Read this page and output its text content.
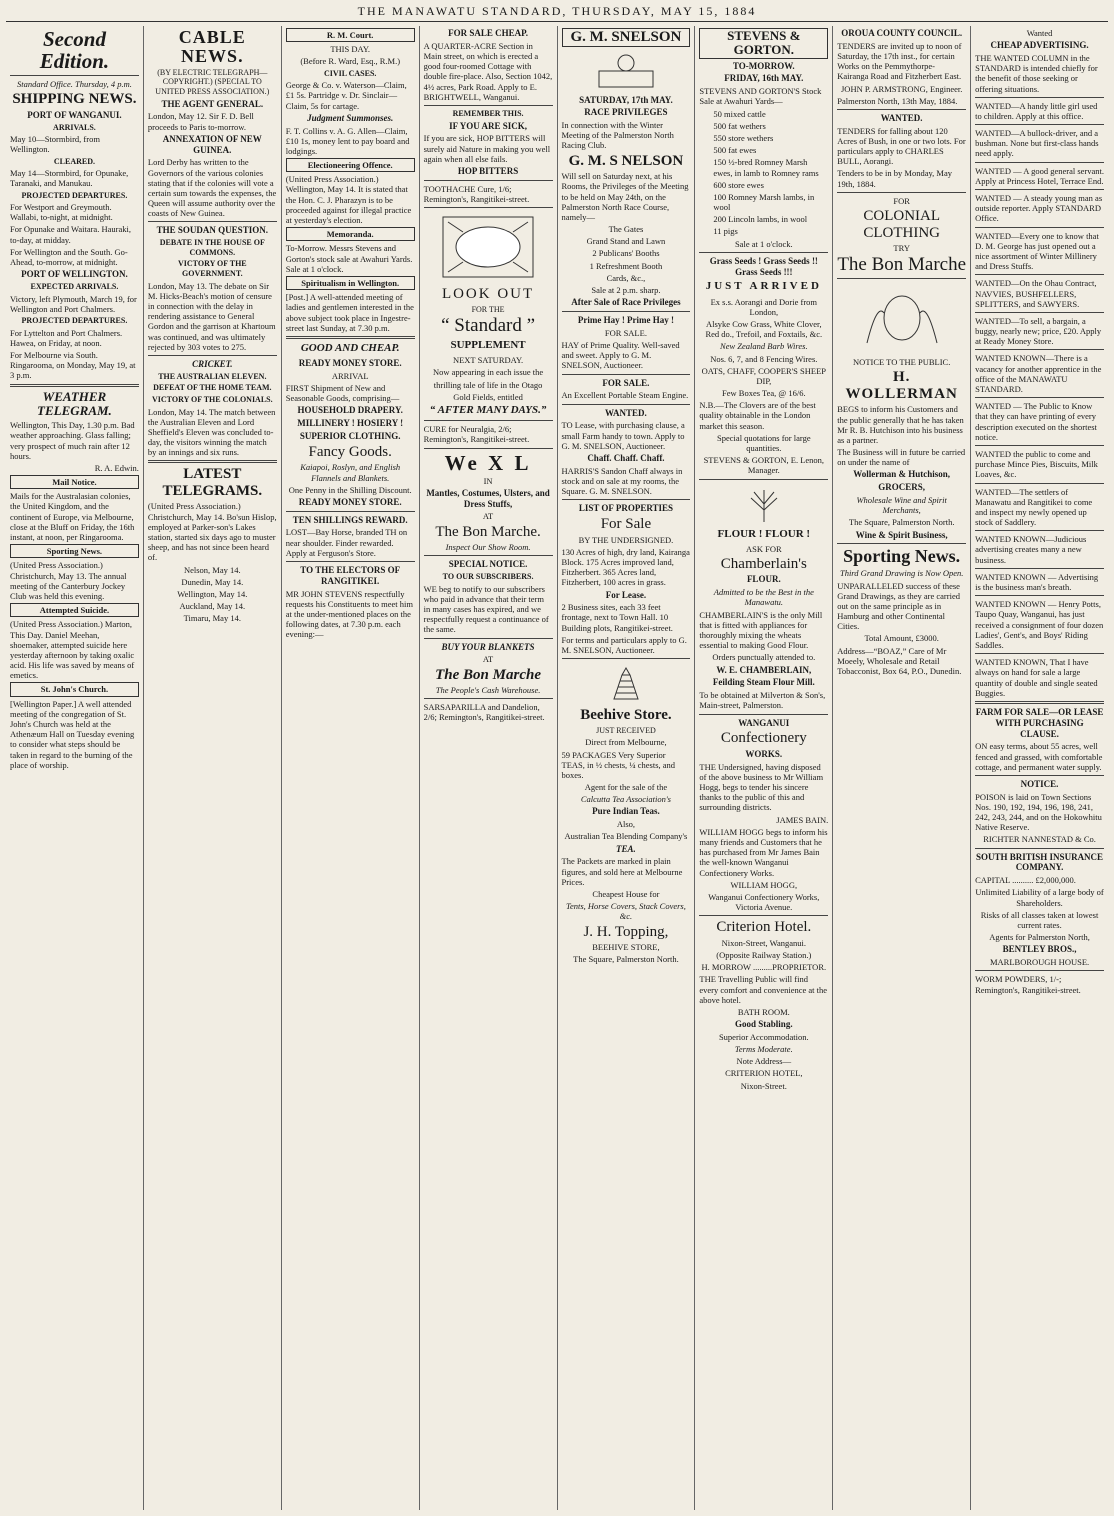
THE MANAWATU STANDARD, THURSDAY, MAY 15, 1884
Second Edition.

Standard Office. Thursday, 4 p.m.

SHIPPING NEWS.
PORT OF WANGANUI.
ARRIVALS.

May 10—Stormbird, from Wellington.

CLEARED.

May 14—Stormbird, for Opunake, Taranaki, and Manukau.

PROJECTED DEPARTURES.

For Westport and Greymouth. Wallabi, to-night, at midnight.

For Opunake and Waitara. Hauraki, to-day, at midday.

For Wellington and the South. Go-Ahead, to-morrow, at midnight.

PORT OF WELLINGTON.
EXPECTED ARRIVALS.

Victory, left Plymouth, March 19, for Wellington and Port Chalmers.

PROJECTED DEPARTURES.

For Lyttelton and Port Chalmers. Hawea, on Friday, at noon.

For Melbourne via South. Ringarooma, on Monday, May 19, at 3 p.m.

WEATHER TELEGRAM.

Wellington, This Day, 1.30 p.m. Bad weather approaching. Glass falling; very prospect of much rain after 12 hours.

R. A. Edwin.

Mail Notice.

Mails for the Australasian colonies, the United Kingdom, and the continent of Europe, via Melbourne, close at the Bluff on Friday, the 16th instant, at noon, per Ringarooma.

Sporting News.

(United Press Association.) Christchurch, May 13. The annual meeting of the Canterbury Jockey Club was held this evening.

Attempted Suicide.

(United Press Association.) Marton, This Day. Daniel Meehan, shoemaker, attempted suicide here yesterday afternoon by taking oxalic acid. His life was saved by means of emetics.

St. John's Church.

[Wellington Paper.] A well attended meeting of the congregation of St. John's Church was held at the Athenæum Hall on Tuesday evening to consider what steps should be taken in regard to the burning of the place of worship.

CABLE NEWS.

(BY ELECTRIC TELEGRAPH—COPYRIGHT.) (SPECIAL TO UNITED PRESS ASSOCIATION.)

THE AGENT GENERAL.

London, May 12. Sir F. D. Bell proceeds to Paris to-morrow.

ANNEXATION OF NEW GUINEA.

Lord Derby has written to the Governors of the various colonies stating that if the colonies will vote a certain sum towards the expenses, the Queen will assume authority over the coasts of New Guinea.

THE SOUDAN QUESTION.
DEBATE IN THE HOUSE OF COMMONS.
VICTORY OF THE GOVERNMENT.

London, May 13. The debate on Sir M. Hicks-Beach's motion of censure in connection with the delay in rendering assistance to General Gordon and the garrison at Khartoum was continued, and was ultimately rejected by 303 votes to 275.

CRICKET.
THE AUSTRALIAN ELEVEN.
DEFEAT OF THE HOME TEAM.
VICTORY OF THE COLONIALS.

London, May 14. The match between the Australian Eleven and Lord Sheffield's Eleven was concluded to-day, the visitors winning the match by an innings and six runs.

LATEST TELEGRAMS.

(United Press Association.) Christchurch, May 14. Bo'sun Hislop, employed at Parker-son's Lakes station, started six days ago to muster sheep, and has not since been heard of.

Nelson, May 14.

Dunedin, May 14.

Wellington, May 14.

Auckland, May 14.

Timaru, May 14.

R. M. Court.

THIS DAY.

(Before R. Ward, Esq., R.M.)

CIVIL CASES.

George & Co. v. Waterson—Claim, £1 5s. Partridge v. Dr. Sinclair—Claim, 5s for cartage.

Judgment Summonses.

F. T. Collins v. A. G. Allen—Claim, £10 1s, money lent to pay board and lodgings.

Electioneering Offence.

(United Press Association.) Wellington, May 14. It is stated that the Hon. C. J. Pharazyn is to be proceeded against for illegal practice at yesterday's election.

Memoranda.

To-Morrow. Messrs Stevens and Gorton's stock sale at Awahuri Yards. Sale at 1 o'clock.

Spiritualism in Wellington.

[Post.] A well-attended meeting of ladies and gentlemen interested in the above subject took place in Ingestre-street last Sunday, at 7.30 p.m.

GOOD AND CHEAP.
READY MONEY STORE.

ARRIVAL

FIRST Shipment of New and Seasonable Goods, comprising—

HOUSEHOLD DRAPERY.
MILLINERY ! HOSIERY !
SUPERIOR CLOTHING.
Fancy Goods.

Kaiapoi, Roslyn, and English Flannels and Blankets.

One Penny in the Shilling Discount.

READY MONEY STORE.
TEN SHILLINGS REWARD.

LOST—Bay Horse, branded TH on near shoulder. Finder rewarded. Apply at Ferguson's Store.

TO THE ELECTORS OF RANGITIKEI.

MR JOHN STEVENS respectfully requests his Constituents to meet him at the under-mentioned places on the following dates, at 7.30 p.m. each evening:—

FOR SALE CHEAP.

A QUARTER-ACRE Section in Main street, on which is erected a good four-roomed Cottage with double fire-place. Also, Section 1042, 4½ acres, Park Road. Apply to E. BRIGHTWELL, Wanganui.

REMEMBER THIS.
IF YOU ARE SICK,

If you are sick, HOP BITTERS will surely aid Nature in making you well again when all else fails.

HOP BITTERS

TOOTHACHE Cure, 1/6; Remington's, Rangitikei-street.

LOOK OUT

FOR THE

“ Standard ”
SUPPLEMENT

NEXT SATURDAY.

Now appearing in each issue the

thrilling tale of life in the Otago

Gold Fields, entitled

“ AFTER MANY DAYS.”

CURE for Neuralgia, 2/6; Remington's, Rangitikei-street.

We X L

IN

Mantles, Costumes, Ulsters, and Dress Stuffs,

AT

The Bon Marche.

Inspect Our Show Room.

SPECIAL NOTICE.
TO OUR SUBSCRIBERS.

WE beg to notify to our subscribers who paid in advance that their term in many cases has expired, and we respectfully request a continuance of the same.

BUY YOUR BLANKETS

AT

The Bon Marche

The People's Cash Warehouse.

SARSAPARILLA and Dandelion, 2/6; Remington's, Rangitikei-street.

G. M. SNELSON
SATURDAY, 17th MAY.
RACE PRIVILEGES

In connection with the Winter Meeting of the Palmerston North Racing Club.

G. M. S NELSON

Will sell on Saturday next, at his Rooms, the Privileges of the Meeting to be held on May 24th, on the Palmerston North Race Course, namely—

The Gates

Grand Stand and Lawn

2 Publicans' Booths

1 Refreshment Booth

Cards, &c.,

Sale at 2 p.m. sharp.

After Sale of Race Privileges
Prime Hay ! Prime Hay !

FOR SALE.

HAY of Prime Quality. Well-saved and sweet. Apply to G. M. SNELSON, Auctioneer.

FOR SALE.

An Excellent Portable Steam Engine.

WANTED.

TO Lease, with purchasing clause, a small Farm handy to town. Apply to G. M. SNELSON, Auctioneer.

Chaff. Chaff. Chaff.

HARRIS'S Sandon Chaff always in stock and on sale at my rooms, the Square. G. M. SNELSON.

LIST OF PROPERTIES
For Sale

BY THE UNDERSIGNED.

130 Acres of high, dry land, Kairanga Block. 175 Acres improved land, Fitzherbert. 365 Acres land, Fitzherbert, 100 acres in grass.

For Lease.

2 Business sites, each 33 feet frontage, next to Town Hall. 10 Building plots, Rangitikei-street.

For terms and particulars apply to G. M. SNELSON, Auctioneer.

Beehive Store.

JUST RECEIVED

Direct from Melbourne,

59 PACKAGES Very Superior TEAS, in ½ chests, ¼ chests, and boxes.

Agent for the sale of the

Calcutta Tea Association's

Pure Indian Teas.

Also,

Australian Tea Blending Company's

TEA.

The Packets are marked in plain figures, and sold here at Melbourne Prices.

Cheapest House for

Tents, Horse Covers, Stack Covers, &c.

J. H. Topping,

BEEHIVE STORE,

The Square, Palmerston North.

STEVENS & GORTON.
TO-MORROW.
FRIDAY, 16th MAY.

STEVENS AND GORTON'S Stock Sale at Awahuri Yards—

50 mixed cattle

500 fat wethers

550 store wethers

500 fat ewes

150 ½-bred Romney Marsh ewes, in lamb to Romney rams

600 store ewes

100 Romney Marsh lambs, in wool

200 Lincoln lambs, in wool

11 pigs

Sale at 1 o'clock.

Grass Seeds ! Grass Seeds !! Grass Seeds !!!
JUST ARRIVED

Ex s.s. Aorangi and Dorie from London,

Alsyke Cow Grass, White Clover, Red do., Trefoil, and Foxtails, &c.

New Zealand Barb Wires.

Nos. 6, 7, and 8 Fencing Wires.

OATS, CHAFF, COOPER'S SHEEP DIP,

Few Boxes Tea, @ 16/6.

N.B.—The Clovers are of the best quality obtainable in the London market this season.

Special quotations for large quantities.

STEVENS & GORTON, E. Lenon, Manager.

FLOUR ! FLOUR !

ASK FOR

Chamberlain's
FLOUR.

Admitted to be the Best in the Manawatu.

CHAMBERLAIN'S is the only Mill that is fitted with appliances for thoroughly mixing the wheats essential to making Good Flour.

Orders punctually attended to.

W. E. CHAMBERLAIN,
Feilding Steam Flour Mill.

To be obtained at Milverton & Son's, Main-street, Palmerston.

WANGANUI
Confectionery
WORKS.

THE Undersigned, having disposed of the above business to Mr William Hogg, begs to tender his sincere thanks to the public of this and surrounding districts.

JAMES BAIN.

WILLIAM HOGG begs to inform his many friends and Customers that he has purchased from Mr James Bain the well-known Wanganui Confectionery Works.

WILLIAM HOGG,

Wanganui Confectionery Works, Victoria Avenue.

Criterion Hotel.

Nixon-Street, Wanganui.

(Opposite Railway Station.)

H. MORROW .........PROPRIETOR.

THE Travelling Public will find every comfort and convenience at the above hotel.

BATH ROOM.

Good Stabling.

Superior Accommodation.

Terms Moderate.

Note Address—

CRITERION HOTEL,

Nixon-Street.

OROUA COUNTY COUNCIL.

TENDERS are invited up to noon of Saturday, the 17th inst., for certain Works on the Pemmythorpe-Kairanga Road and Fitzherbert East.

JOHN P. ARMSTRONG, Engineer.

Palmerston North, 13th May, 1884.

WANTED.

TENDERS for falling about 120 Acres of Bush, in one or two lots. For particulars apply to CHARLES BULL, Aorangi.

Tenders to be in by Monday, May 19th, 1884.

FOR

COLONIAL CLOTHING

TRY

The Bon Marche

NOTICE TO THE PUBLIC.

H. WOLLERMAN

BEGS to inform his Customers and the public generally that he has taken Mr R. B. Hutchison into his business as a partner.

The Business will in future be carried on under the name of

Wollerman & Hutchison,
GROCERS,

Wholesale Wine and Spirit Merchants,

The Square, Palmerston North.

Wine & Spirit Business,
Sporting News.

Third Grand Drawing is Now Open.

UNPARALLELED success of these Grand Drawings, as they are carried out on the same principle as in Hamburg and other Continental Cities.

Total Amount, £3000.

Address—“BOAZ,” Care of Mr Moeely, Wholesale and Retail Tobacconist, Box 64, P.O., Dunedin.

Wanted

CHEAP ADVERTISING.

THE WANTED COLUMN in the STANDARD is intended chiefly for the benefit of those seeking or offering situations.

WANTED—A handy little girl used to children. Apply at this office.

WANTED—A bullock-driver, and a bushman. None but first-class hands need apply.

WANTED — A good general servant. Apply at Princess Hotel, Terrace End.

WANTED — A steady young man as outside reporter. Apply STANDARD Office.

WANTED—Every one to know that D. M. George has just opened out a nice assortment of Winter Millinery and Dress Stuffs.

WANTED—On the Ohau Contract, NAVVIES, BUSHFELLERS, SPLITTERS, and SAWYERS.

WANTED—To sell, a bargain, a buggy, nearly new; price, £20. Apply at Ready Money Store.

WANTED KNOWN—There is a vacancy for another apprentice in the office of the MANAWATU STANDARD.

WANTED — The Public to Know that they can have printing of every description executed on the shortest notice.

WANTED the public to come and purchase Mince Pies, Biscuits, Milk Loaves, &c.

WANTED—The settlers of Manawatu and Rangitikei to come and inspect my newly opened up stock of Saddlery.

WANTED KNOWN—Judicious advertising creates many a new business.

WANTED KNOWN — Advertising is the business man's breath.

WANTED KNOWN — Henry Potts, Taupo Quay, Wanganui, has just received a consignment of four dozen Ladies', Gent's, and Boys' Riding Saddles.

WANTED KNOWN, That I have always on hand for sale a large quantity of double and single seated Buggies.

FARM FOR SALE—OR LEASE WITH PURCHASING CLAUSE.

ON easy terms, about 55 acres, well fenced and grassed, with comfortable cottage, and permanent water supply.

NOTICE.

POISON is laid on Town Sections Nos. 190, 192, 194, 196, 198, 241, 242, 243, 244, and on the Hokowhitu Native Reserve.

RICHTER NANNESTAD & Co.

SOUTH BRITISH INSURANCE COMPANY.

CAPITAL .......... £2,000,000.

Unlimited Liability of a large body of Shareholders.

Risks of all classes taken at lowest current rates.

Agents for Palmerston North,

BENTLEY BROS.,

MARLBOROUGH HOUSE.

WORM POWDERS, 1/-; Remington's, Rangitikei-street.
